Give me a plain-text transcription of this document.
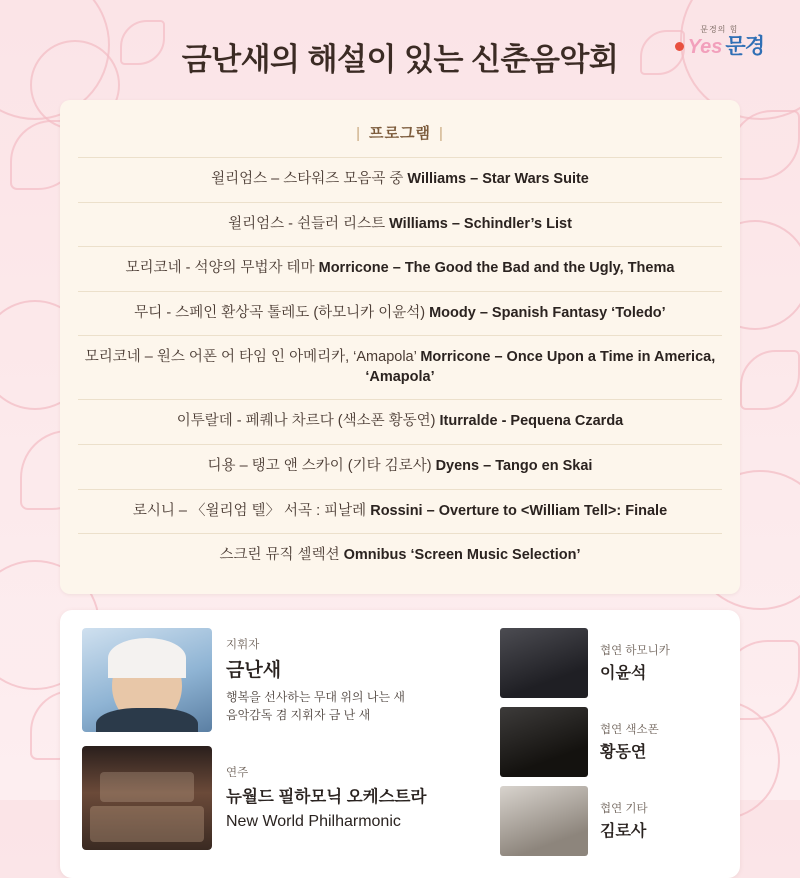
금난새의 해설이 있는 신춘음악회
문경의 힘
Yes 문경
| 프로그램 |
윌리엄스 – 스타워즈 모음곡 중 Williams – Star Wars Suite
윌리엄스 - 쉰들러 리스트 Williams – Schindler’s List
모리코네 - 석양의 무법자 테마 Morricone – The Good the Bad and the Ugly, Thema
무디 - 스페인 환상곡 톨레도 (하모니카 이윤석) Moody – Spanish Fantasy ‘Toledo’
모리코네 – 원스 어폰 어 타임 인 아메리카, ‘Amapola’ Morricone – Once Upon a Time in America, ‘Amapola’
이투랄데 - 페퀘나 차르다 (색소폰 황동연) Iturralde - Pequena Czarda
디용 – 탱고 앤 스카이 (기타 김로사) Dyens – Tango en Skai
로시니 – 〈윌리엄 텔〉 서곡 : 피날레 Rossini – Overture to <William Tell>: Finale
스크린 뮤직 셀렉션 Omnibus ‘Screen Music Selection’
지휘자
금난새
행복을 선사하는 무대 위의 나는 새
음악감독 겸 지휘자 금 난 새
연주
뉴월드 필하모닉 오케스트라
New World Philharmonic
협연 하모니카
이윤석
협연 색소폰
황동연
협연 기타
김로사
